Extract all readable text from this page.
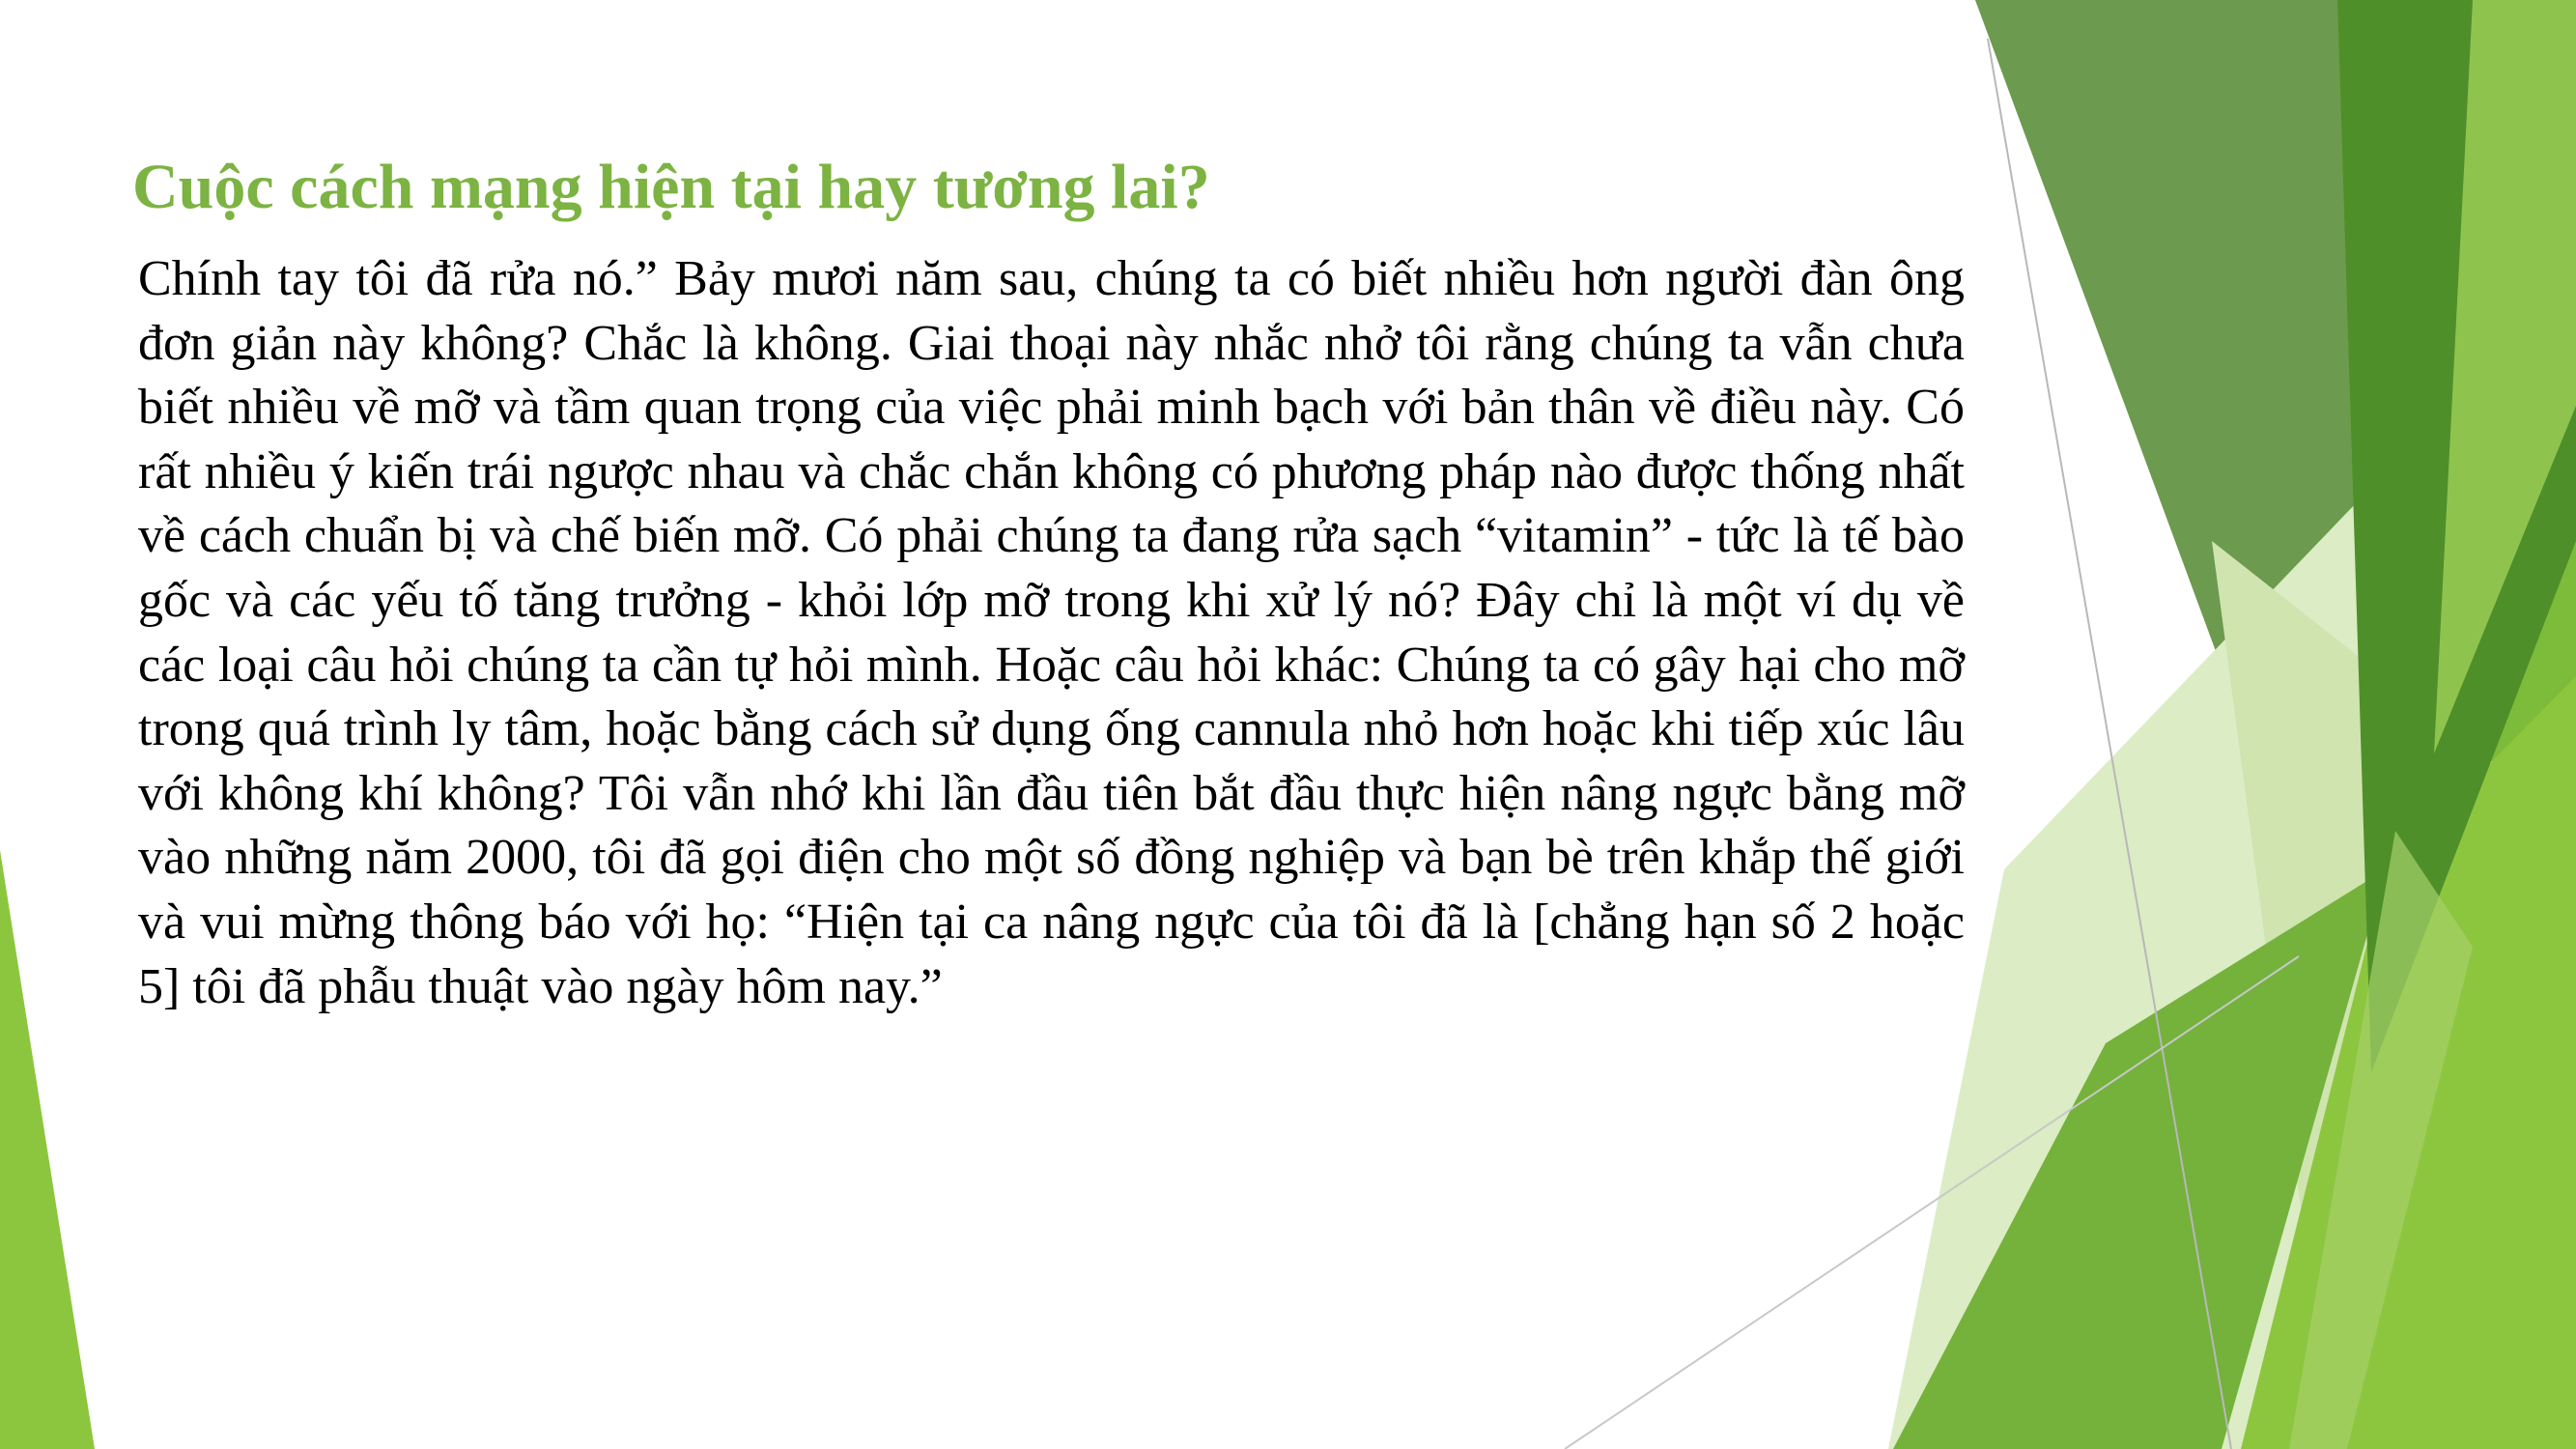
Cuộc cách mạng hiện tại hay tương lai?

Chính tay tôi đã rửa nó.” Bảy mươi năm sau, chúng ta có biết nhiều hơn người đàn ông đơn giản này không? Chắc là không. Giai thoại này nhắc nhở tôi rằng chúng ta vẫn chưa biết nhiều về mỡ và tầm quan trọng của việc phải minh bạch với bản thân về điều này. Có rất nhiều ý kiến trái ngược nhau và chắc chắn không có phương pháp nào được thống nhất về cách chuẩn bị và chế biến mỡ. Có phải chúng ta đang rửa sạch “vitamin” - tức là tế bào gốc và các yếu tố tăng trưởng - khỏi lớp mỡ trong khi xử lý nó? Đây chỉ là một ví dụ về các loại câu hỏi chúng ta cần tự hỏi mình. Hoặc câu hỏi khác: Chúng ta có gây hại cho mỡ trong quá trình ly tâm, hoặc bằng cách sử dụng ống cannula nhỏ hơn hoặc khi tiếp xúc lâu với không khí không? Tôi vẫn nhớ khi lần đầu tiên bắt đầu thực hiện nâng ngực bằng mỡ vào những năm 2000, tôi đã gọi điện cho một số đồng nghiệp và bạn bè trên khắp thế giới và vui mừng thông báo với họ: “Hiện tại ca nâng ngực của tôi đã là [chẳng hạn số 2 hoặc 5] tôi đã phẫu thuật vào ngày hôm nay.”
